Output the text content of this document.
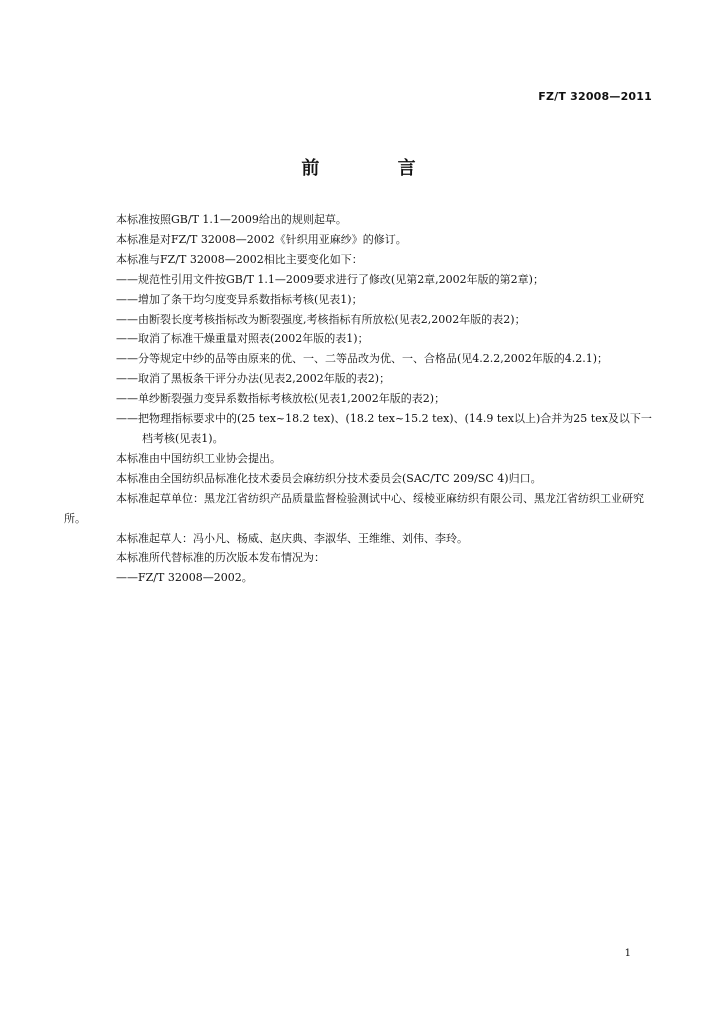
FZ/T 32008—2011
前 言
本标准按照GB/T 1.1—2009给出的规则起草。
本标准是对FZ/T 32008—2002《针织用亚麻纱》的修订。
本标准与FZ/T 32008—2002相比主要变化如下：
——规范性引用文件按GB/T 1.1—2009要求进行了修改(见第2章,2002年版的第2章)；
——增加了条干均匀度变异系数指标考核(见表1)；
——由断裂长度考核指标改为断裂强度,考核指标有所放松(见表2,2002年版的表2)；
——取消了标准干燥重量对照表(2002年版的表1)；
——分等规定中纱的品等由原来的优、一、二等品改为优、一、合格品(见4.2.2,2002年版的4.2.1)；
——取消了黑板条干评分办法(见表2,2002年版的表2)；
——单纱断裂强力变异系数指标考核放松(见表1,2002年版的表2)；
——把物理指标要求中的(25 tex~18.2 tex)、(18.2 tex~15.2 tex)、(14.9 tex以上)合并为25 tex及以下一档考核(见表1)。
本标准由中国纺织工业协会提出。
本标准由全国纺织品标准化技术委员会麻纺织分技术委员会(SAC/TC 209/SC 4)归口。
本标准起草单位：黑龙江省纺织产品质量监督检验测试中心、绥棱亚麻纺织有限公司、黑龙江省纺织工业研究所。
本标准起草人：冯小凡、杨威、赵庆典、李淑华、王维维、刘伟、李玲。
本标准所代替标准的历次版本发布情况为：
——FZ/T 32008—2002。
1
